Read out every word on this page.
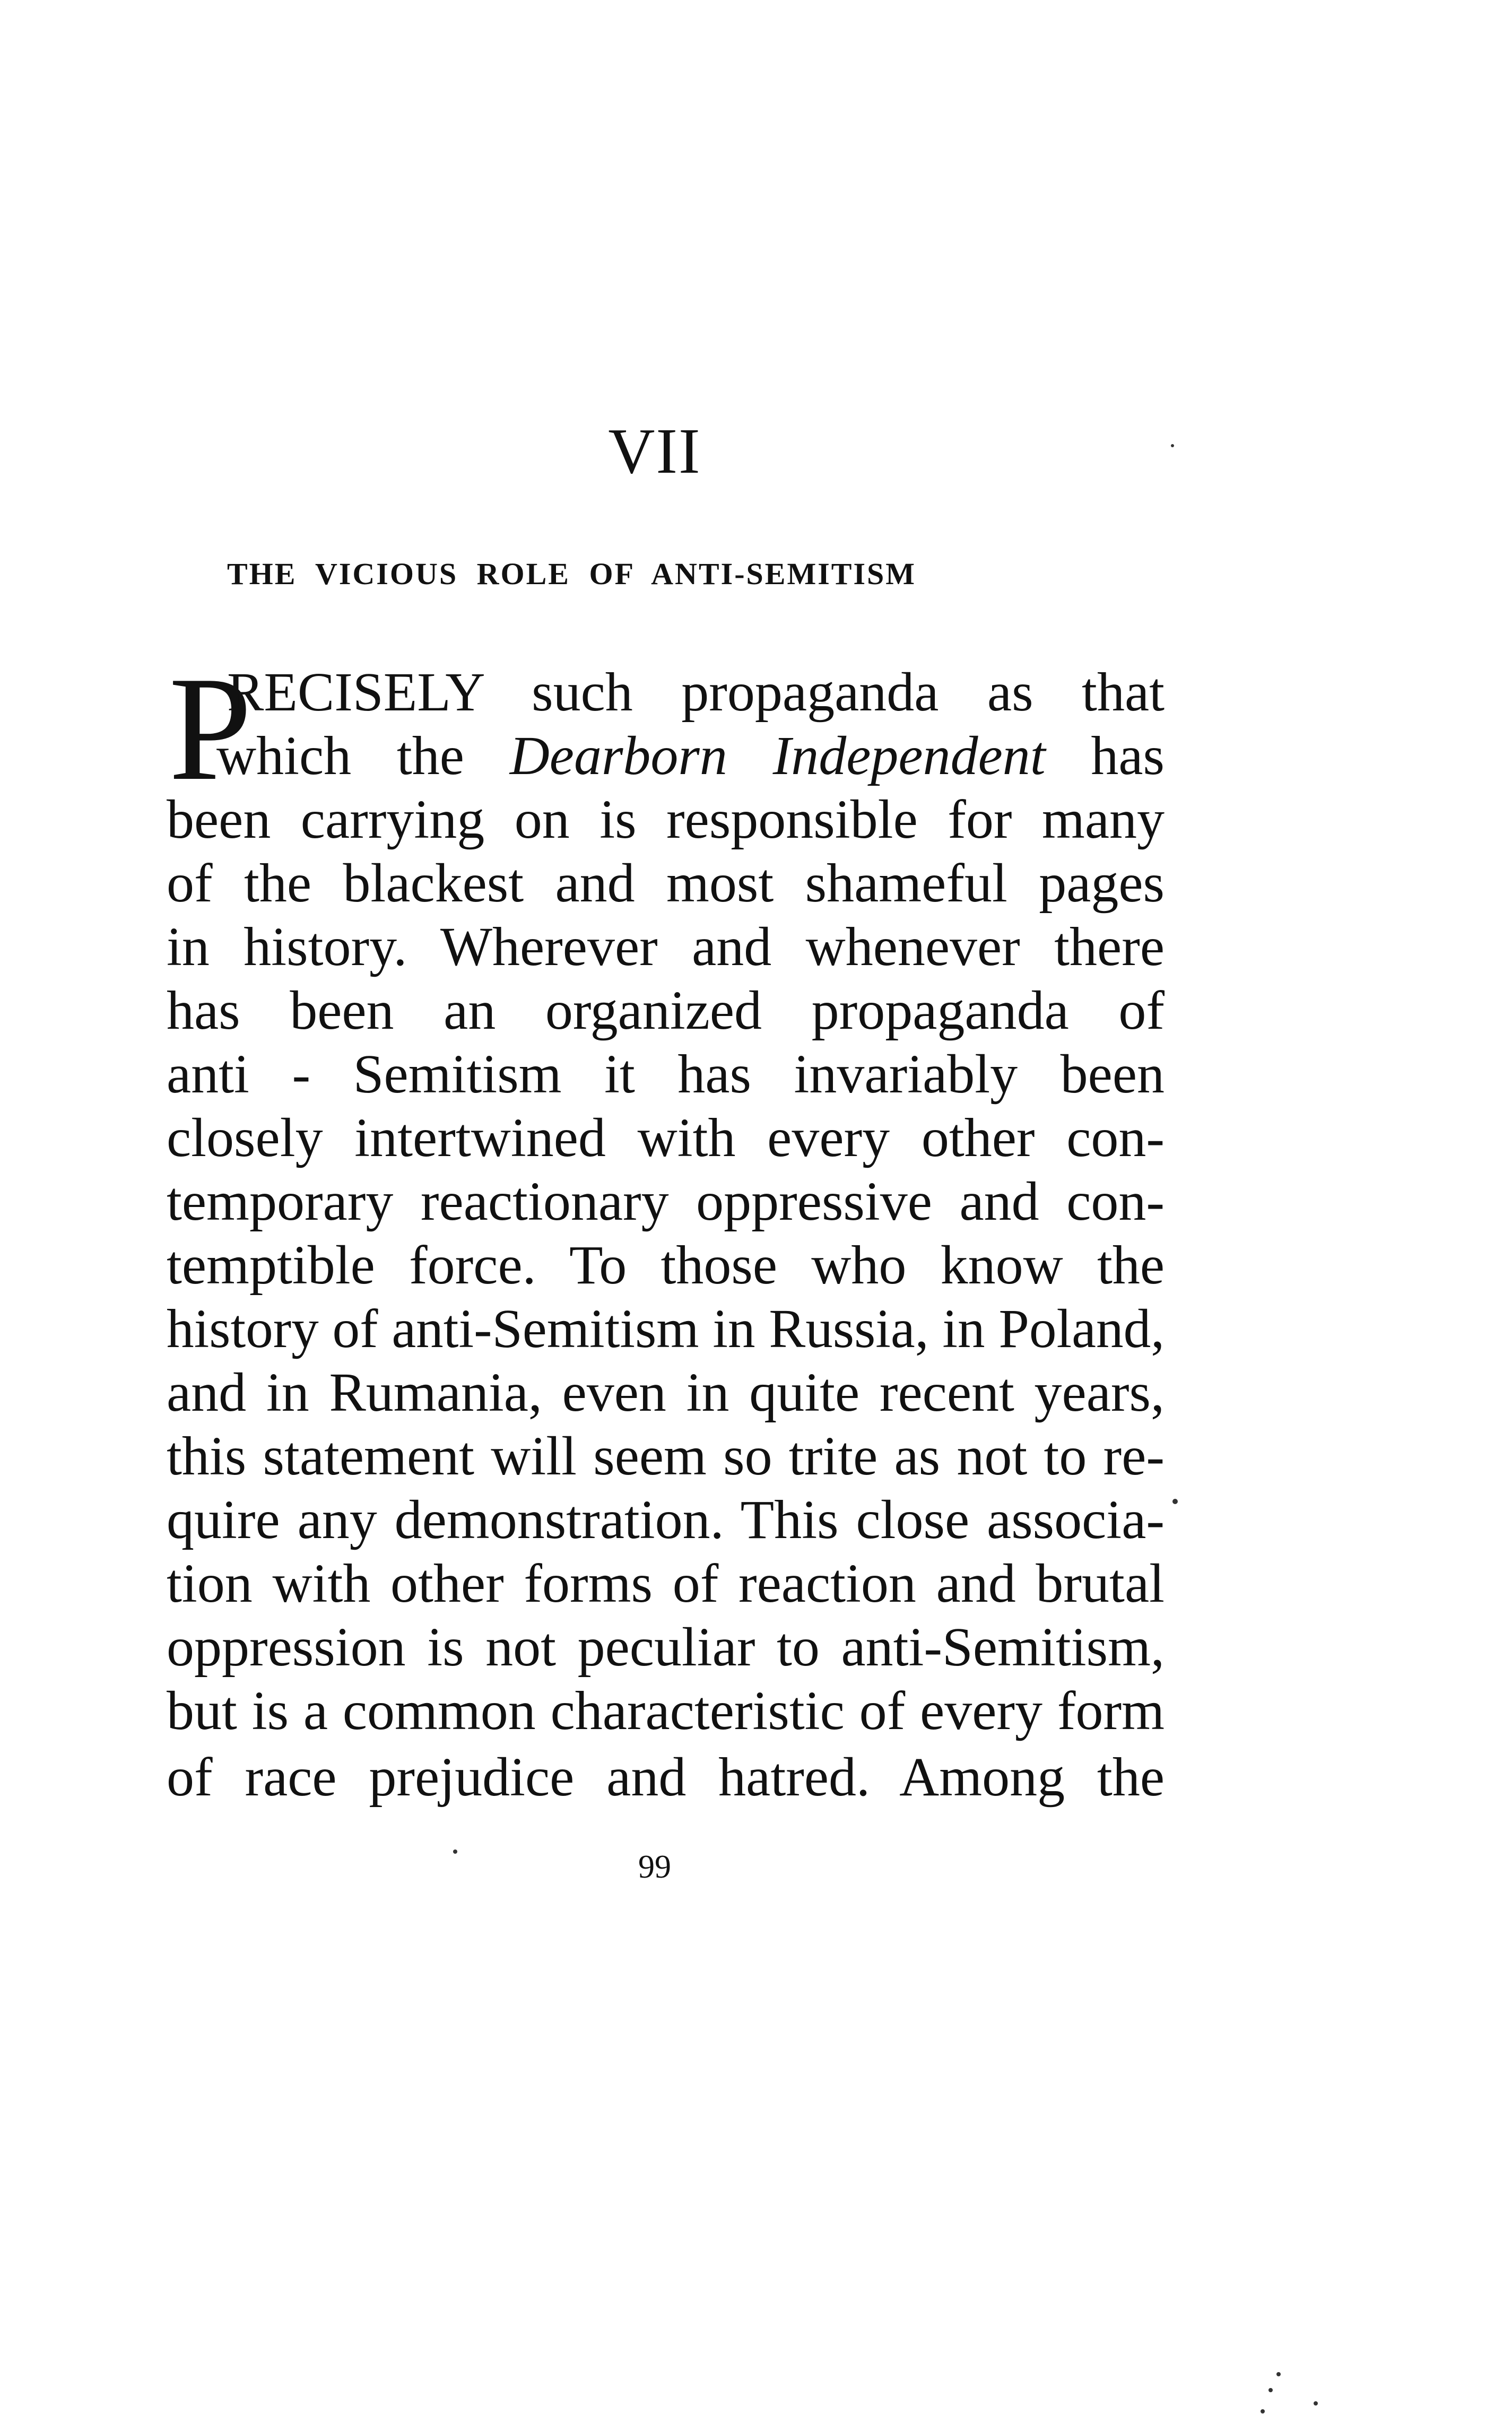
VII
THE VICIOUS ROLE OF ANTI-SEMITISM
P
RECISELY such propaganda as that
which the Dearborn Independent has
been carrying on is responsible for many
of the blackest and most shameful pages
in history. Wherever and whenever there
has been an organized propaganda of
anti - Semitism it has invariably been
closely intertwined with every other con-
temporary reactionary oppressive and con-
temptible force. To those who know the
history of anti-Semitism in Russia, in Poland,
and in Rumania, even in quite recent years,
this statement will seem so trite as not to re-
quire any demonstration. This close associa-
tion with other forms of reaction and brutal
oppression is not peculiar to anti-Semitism,
but is a common characteristic of every form
of race prejudice and hatred. Among the
99
